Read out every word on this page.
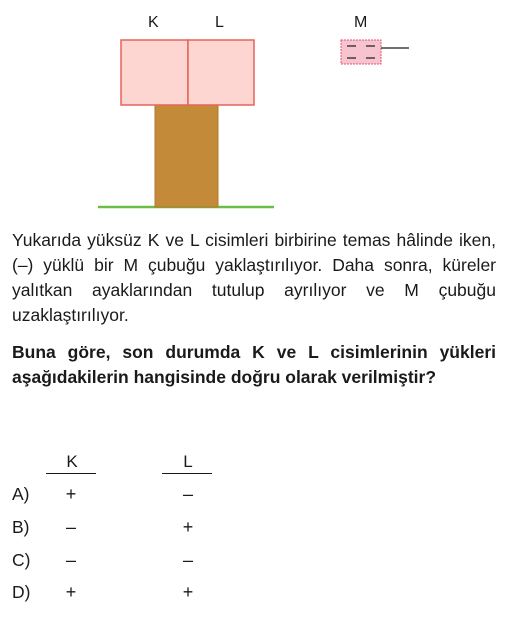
K	L	M

Yukarıda yüksüz K ve L cisimleri birbirine temas hâlinde iken, (–) yüklü bir M çubuğu yaklaştırılıyor. Daha sonra, küreler yalıtkan ayaklarından tutulup ayrılıyor ve M çubuğu uzaklaştırılıyor.

Buna göre, son durumda K ve L cisimlerinin yükleri aşağıdakilerin hangisinde doğru olarak verilmiştir?

K	L
A) +	–
B) –	+
C) –	–
D) +	+
